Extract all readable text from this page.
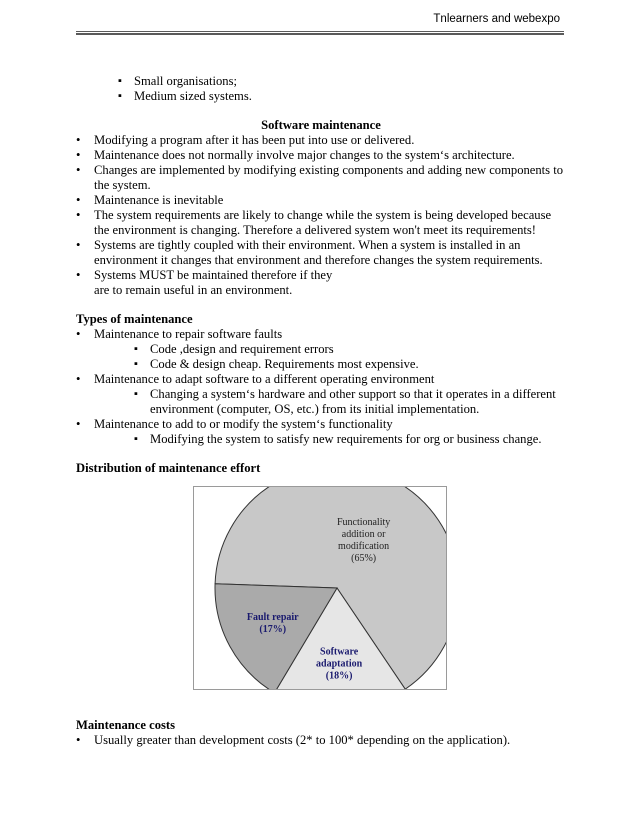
Tnlearners and webexpo
▪ Small organisations;
▪ Medium sized systems.
Software maintenance
• Modifying a program after it has been put into use or delivered.
• Maintenance does not normally involve major changes to the system‘s architecture.
• Changes are implemented by modifying existing components and adding new components to the system.
• Maintenance is inevitable
• The system requirements are likely to change while the system is being developed because the environment is changing. Therefore a delivered system won't meet its requirements!
• Systems are tightly coupled with their environment. When a system is installed in an environment it changes that environment and therefore changes the system requirements.
• Systems MUST be maintained therefore if they
are to remain useful in an environment.
Types of maintenance
• Maintenance to repair software faults
▪ Code ,design and requirement errors
▪ Code & design cheap. Requirements most expensive.
• Maintenance to adapt software to a different operating environment
▪ Changing a system‘s hardware and other support so that it operates in a different environment (computer, OS, etc.) from its initial implementation.
• Maintenance to add to or modify the system‘s functionality
▪ Modifying the system to satisfy new requirements for org or business change.
Distribution of maintenance effort
Functionality addition or modification (65%)
Software adaptation (18%)
Fault repair (17%)
Maintenance costs
• Usually greater than development costs (2* to 100* depending on the application).
